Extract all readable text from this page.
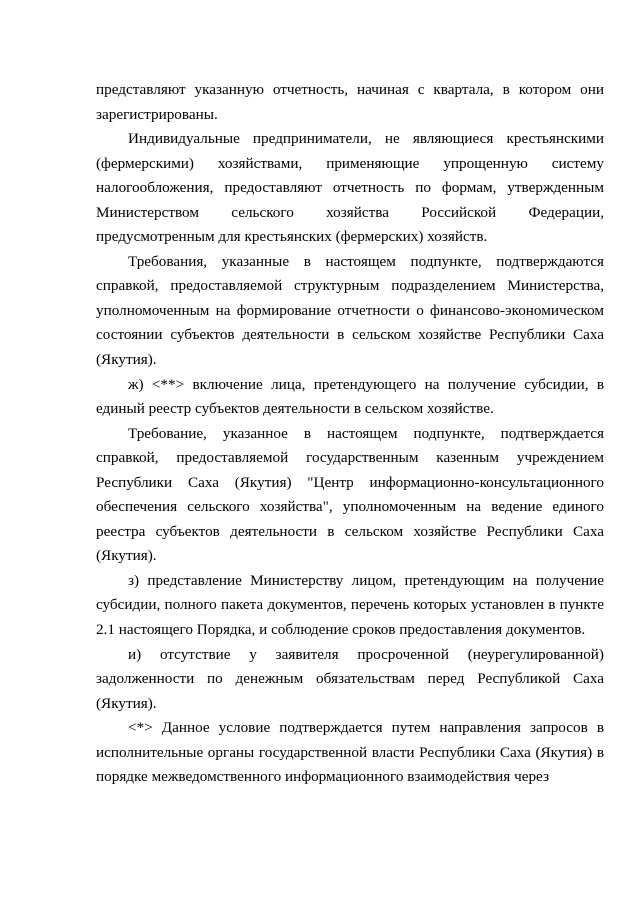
представляют указанную отчетность, начиная с квартала, в котором они зарегистрированы.

Индивидуальные предприниматели, не являющиеся крестьянскими (фермерскими) хозяйствами, применяющие упрощенную систему налогообложения, предоставляют отчетность по формам, утвержденным Министерством сельского хозяйства Российской Федерации, предусмотренным для крестьянских (фермерских) хозяйств.

Требования, указанные в настоящем подпункте, подтверждаются справкой, предоставляемой структурным подразделением Министерства, уполномоченным на формирование отчетности о финансово-экономическом состоянии субъектов деятельности в сельском хозяйстве Республики Саха (Якутия).

ж) <**> включение лица, претендующего на получение субсидии, в единый реестр субъектов деятельности в сельском хозяйстве.

Требование, указанное в настоящем подпункте, подтверждается справкой, предоставляемой государственным казенным учреждением Республики Саха (Якутия) "Центр информационно-консультационного обеспечения сельского хозяйства", уполномоченным на ведение единого реестра субъектов деятельности в сельском хозяйстве Республики Саха (Якутия).

з) представление Министерству лицом, претендующим на получение субсидии, полного пакета документов, перечень которых установлен в пункте 2.1 настоящего Порядка, и соблюдение сроков предоставления документов.

и) отсутствие у заявителя просроченной (неурегулированной) задолженности по денежным обязательствам перед Республикой Саха (Якутия).

<*> Данное условие подтверждается путем направления запросов в исполнительные органы государственной власти Республики Саха (Якутия) в порядке межведомственного информационного взаимодействия через
